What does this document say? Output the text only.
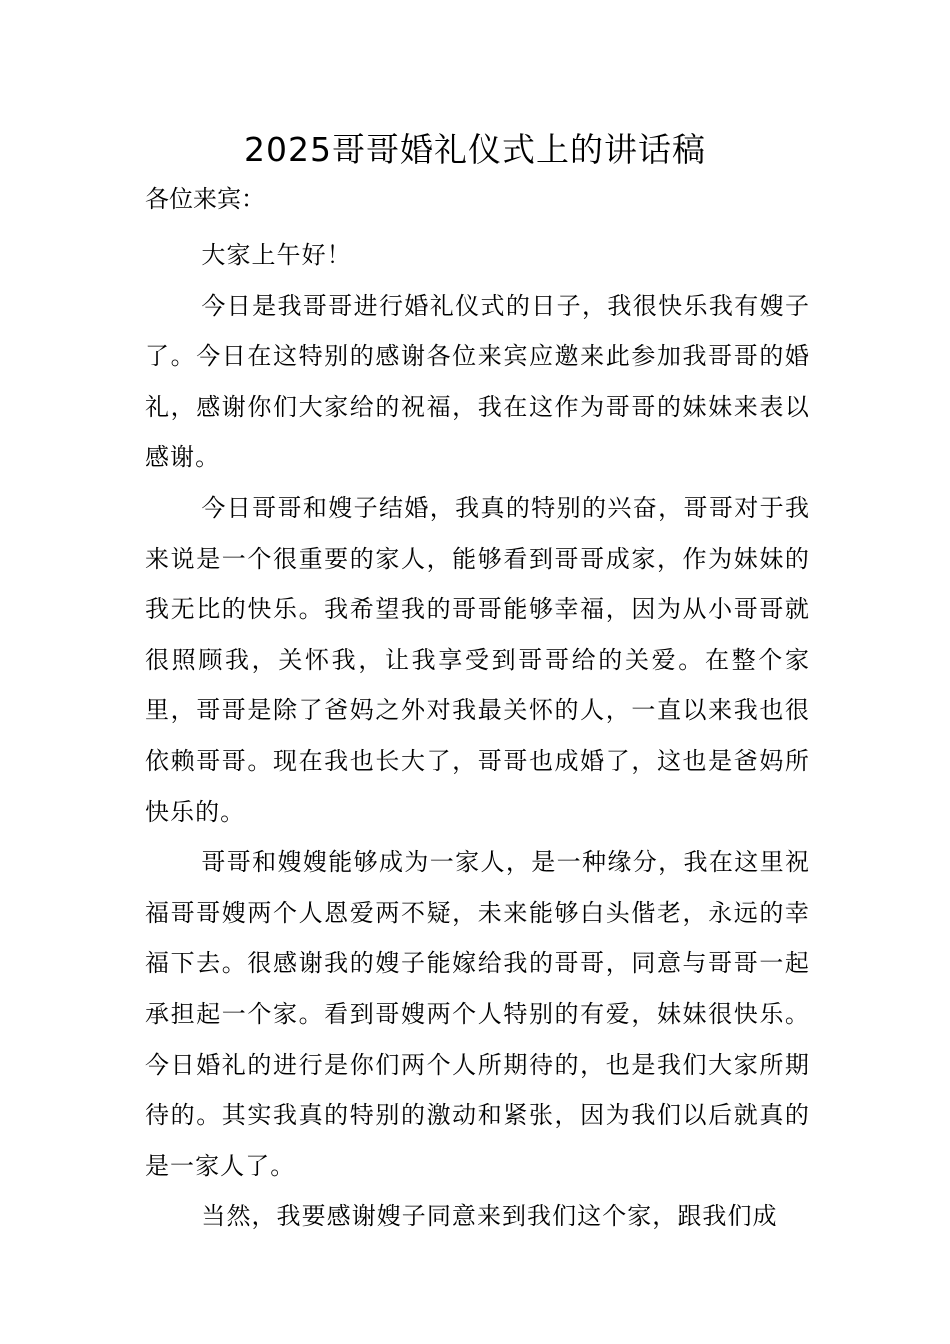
2025哥哥婚礼仪式上的讲话稿

各位来宾：

大家上午好！

今日是我哥哥进行婚礼仪式的日子，我很快乐我有嫂子了。今日在这特别的感谢各位来宾应邀来此参加我哥哥的婚礼，感谢你们大家给的祝福，我在这作为哥哥的妹妹来表以感谢。

今日哥哥和嫂子结婚，我真的特别的兴奋，哥哥对于我来说是一个很重要的家人，能够看到哥哥成家，作为妹妹的我无比的快乐。我希望我的哥哥能够幸福，因为从小哥哥就很照顾我，关怀我，让我享受到哥哥给的关爱。在整个家里，哥哥是除了爸妈之外对我最关怀的人，一直以来我也很依赖哥哥。现在我也长大了，哥哥也成婚了，这也是爸妈所快乐的。

哥哥和嫂嫂能够成为一家人，是一种缘分，我在这里祝福哥哥嫂两个人恩爱两不疑，未来能够白头偕老，永远的幸福下去。很感谢我的嫂子能嫁给我的哥哥，同意与哥哥一起承担起一个家。看到哥嫂两个人特别的有爱，妹妹很快乐。今日婚礼的进行是你们两个人所期待的，也是我们大家所期待的。其实我真的特别的激动和紧张，因为我们以后就真的是一家人了。

当然，我要感谢嫂子同意来到我们这个家，跟我们成
